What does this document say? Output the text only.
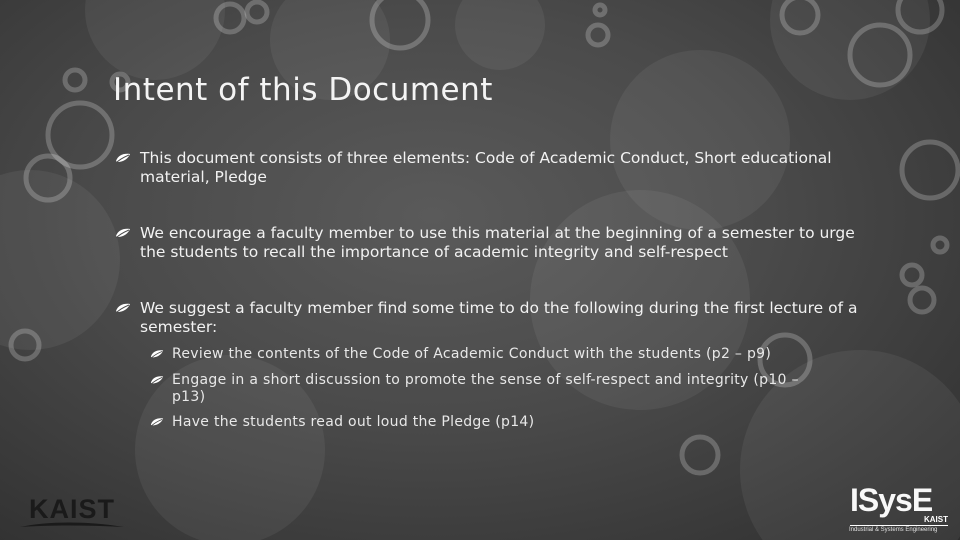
Intent of this Document
This document consists of three elements: Code of Academic Conduct, Short educational material, Pledge
We encourage a faculty member to use this material at the beginning of a semester to urge the students to recall the importance of academic integrity and self-respect
We suggest a faculty member find some time to do the following during the first lecture of a semester:
Review the contents of the Code of Academic Conduct with the students (p2 – p9)
Engage in a short discussion to promote the sense of self-respect and integrity (p10 – p13)
Have the students read out loud the Pledge (p14)
KAIST	ISysE
KAIST
Industrial & Systems Engineering
